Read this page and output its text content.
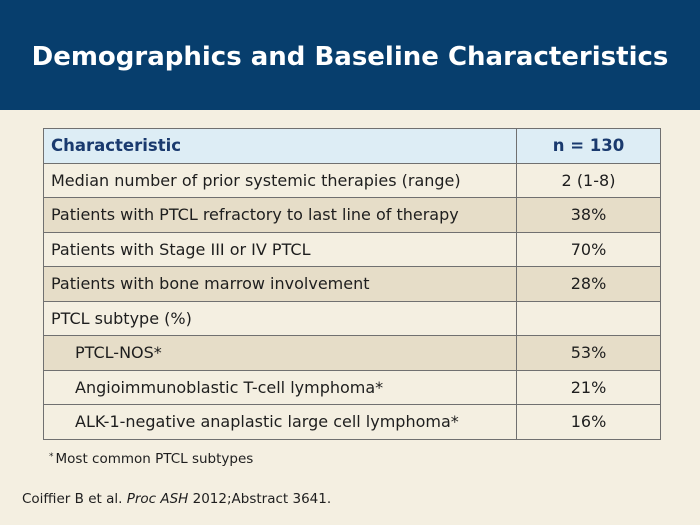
Demographics and Baseline Characteristics
Characteristic	n = 130
Median number of prior systemic therapies (range)	2 (1-8)
Patients with PTCL refractory to last line of therapy	38%
Patients with Stage III or IV PTCL	70%
Patients with bone marrow involvement	28%
PTCL subtype (%)	
PTCL-NOS*	53%
Angioimmunoblastic T-cell lymphoma*	21%
ALK-1-negative anaplastic large cell lymphoma*	16%
* Most common PTCL subtypes
Coiffier B et al. Proc ASH 2012;Abstract 3641.
